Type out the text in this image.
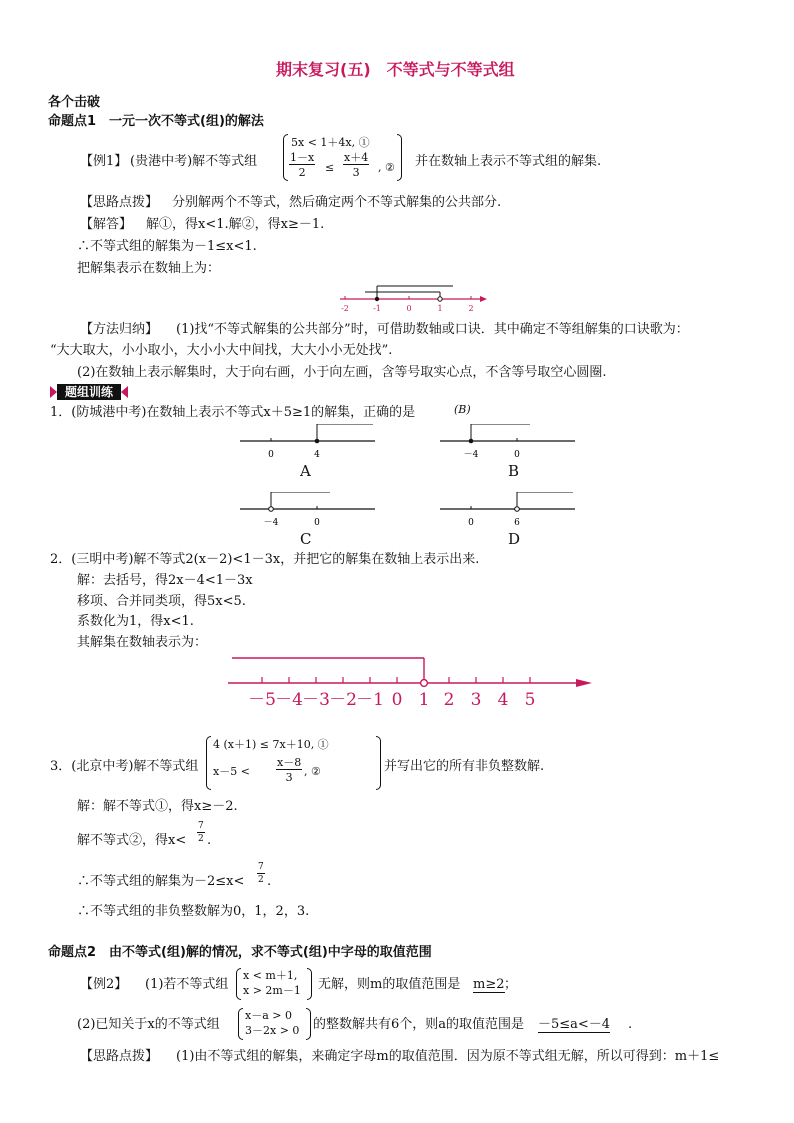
期末复习(五)　不等式与不等式组
各个击破
命题点1　一元一次不等式(组)的解法
【例1】 (贵港中考)解不等式组
5x < 1＋4x, ①
$\frac{1-x}{2} \le \frac{x+4}{3}$ , ② 并在数轴上表示不等式组的解集.
【思路点拨】 分别解两个不等式，然后确定两个不等式解集的公共部分.
【解答】 解①，得x<1.解②，得x≥－1.
∴不等式组的解集为－1≤x<1.
把解集表示在数轴上为：
-2	-1	0	1	2
【方法归纳】 (1)找“不等式解集的公共部分”时，可借助数轴或口诀．其中确定不等组解集的口诀歌为：
“大大取大，小小取小，大小小大中间找，大大小小无处找”.
(2)在数轴上表示解集时，大于向右画，小于向左画，含等号取实心点，不含等号取空心圆圈.
题组训练
1．(防城港中考)在数轴上表示不等式x＋5≥1的解集，正确的是	(B)
0	4
A
－4	0
B
－4	0
C
0	6
D
2．(三明中考)解不等式2(x－2)<1－3x，并把它的解集在数轴上表示出来.
解：去括号，得2x－4<1－3x
移项、合并同类项，得5x<5.
系数化为1，得x<1.
其解集在数轴表示为：
－5 －4 －3 －2 －1 0 1 2 3 4 5
3．(北京中考)解不等式组
4 (x＋1) ≤ 7x＋10, ①
$x-5 < \frac{x-8}{3}$ , ②	并写出它的所有非负整数解.
解：解不等式①，得x≥－2.
解不等式②，得$x< \frac{7}{2}$ .
∴不等式组的解集为$-2\le x< \frac{7}{2}$ .
∴不等式组的非负整数解为0，1，2，3.
命题点2　由不等式(组)解的情况，求不等式(组)中字母的取值范围
【例2】 (1)若不等式组
x < m＋1,
x > 2m－1 无解，则m的取值范围是 m≥2 ；
(2)已知关于x的不等式组
x－a > 0
3－2x > 0 的整数解共有6个，则a的取值范围是 －5≤a<－4 .
【思路点拨】 (1)由不等式组的解集，来确定字母m的取值范围．因为原不等式组无解，所以可得到：m＋1≤
